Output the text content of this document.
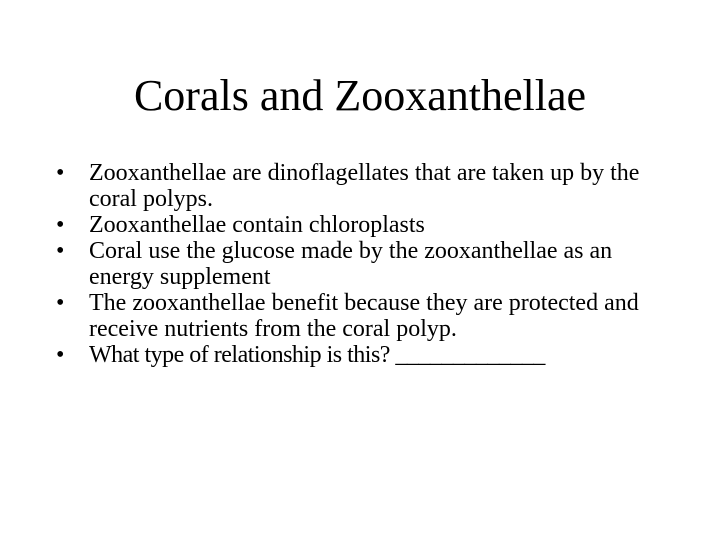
Corals and Zooxanthellae
•	Zooxanthellae are dinoflagellates that are taken up by the coral polyps.
•	Zooxanthellae contain chloroplasts
•	Coral use the glucose made by the zooxanthellae as an energy supplement
•	The zooxanthellae benefit because they are protected and receive nutrients from the coral polyp.
•	What type of relationship is this? _____________
